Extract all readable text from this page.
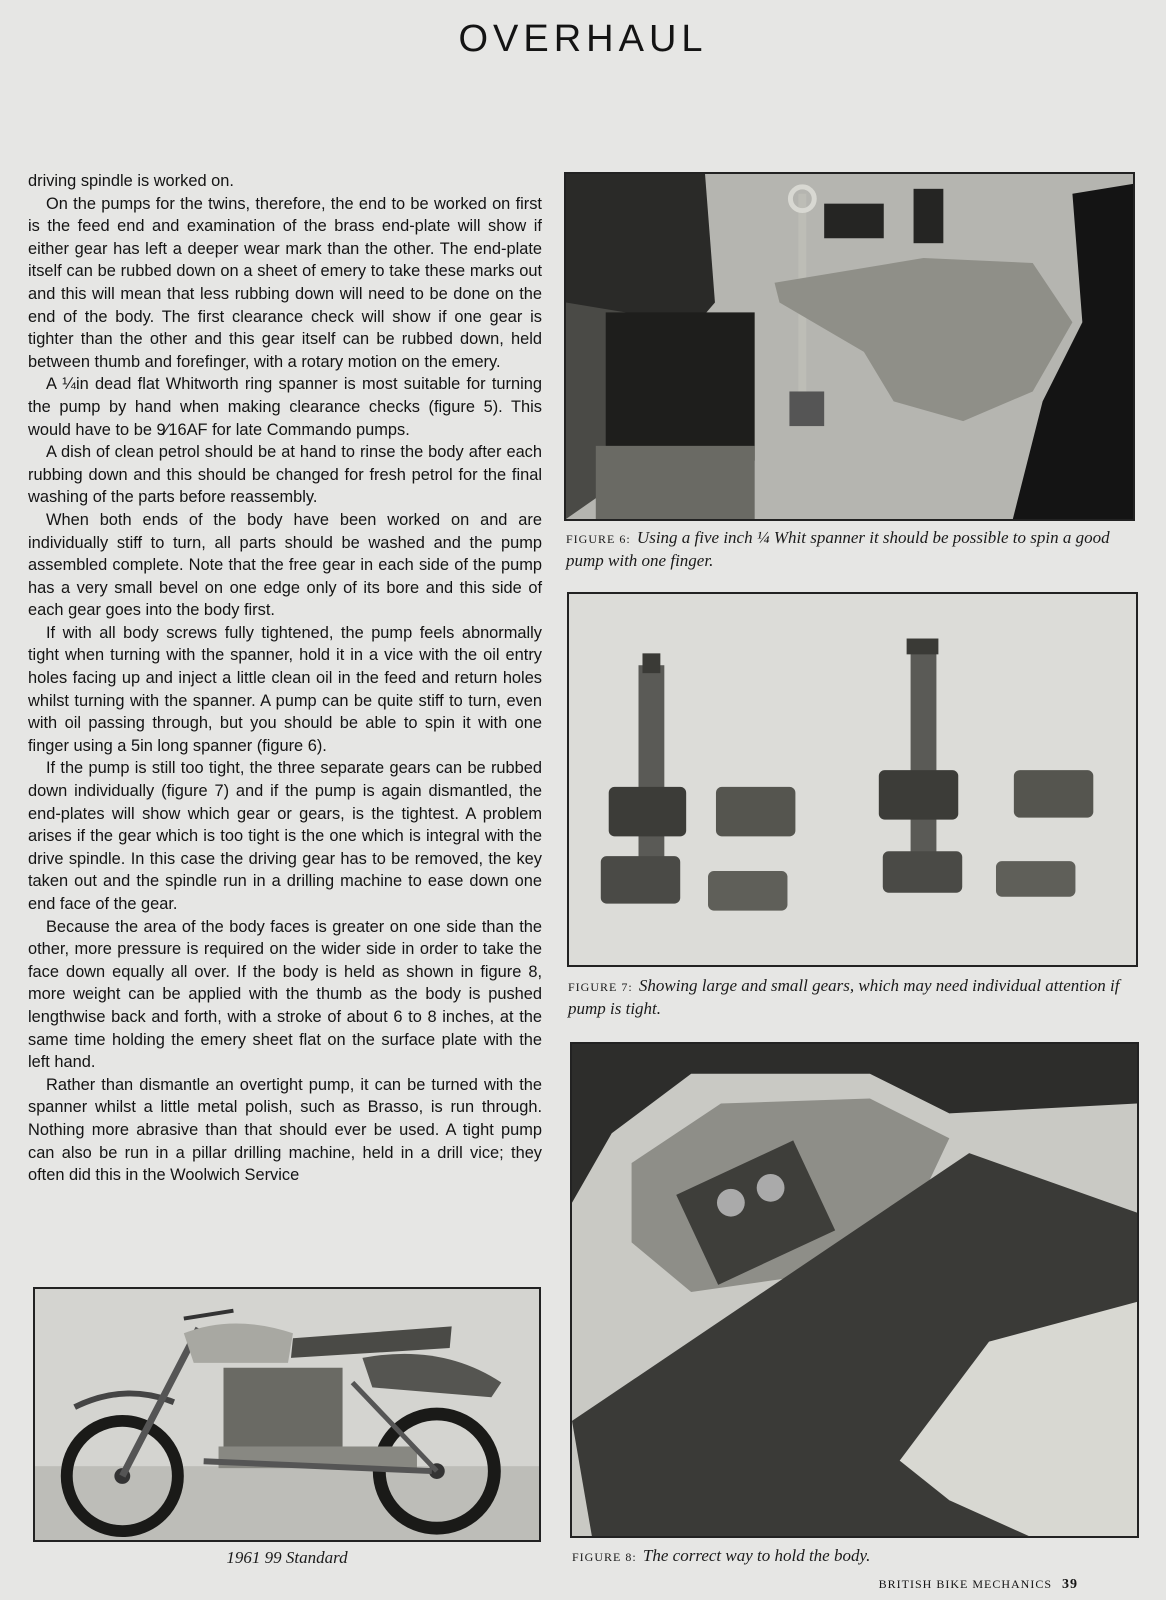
OVERHAUL

driving spindle is worked on.

On the pumps for the twins, therefore, the end to be worked on first is the feed end and examination of the brass end-plate will show if either gear has left a deeper wear mark than the other. The end-plate itself can be rubbed down on a sheet of emery to take these marks out and this will mean that less rubbing down will need to be done on the end of the body. The first clearance check will show if one gear is tighter than the other and this gear itself can be rubbed down, held between thumb and forefinger, with a rotary motion on the emery.

A ¼in dead flat Whitworth ring spanner is most suitable for turning the pump by hand when making clearance checks (figure 5). This would have to be 9⁄16AF for late Commando pumps.

A dish of clean petrol should be at hand to rinse the body after each rubbing down and this should be changed for fresh petrol for the final washing of the parts before reassembly.

When both ends of the body have been worked on and are individually stiff to turn, all parts should be washed and the pump assembled complete. Note that the free gear in each side of the pump has a very small bevel on one edge only of its bore and this side of each gear goes into the body first.

If with all body screws fully tightened, the pump feels abnormally tight when turning with the spanner, hold it in a vice with the oil entry holes facing up and inject a little clean oil in the feed and return holes whilst turning with the spanner. A pump can be quite stiff to turn, even with oil passing through, but you should be able to spin it with one finger using a 5in long spanner (figure 6).

If the pump is still too tight, the three separate gears can be rubbed down individually (figure 7) and if the pump is again dismantled, the end-plates will show which gear or gears, is the tightest. A problem arises if the gear which is too tight is the one which is integral with the drive spindle. In this case the driving gear has to be removed, the key taken out and the spindle run in a drilling machine to ease down one end face of the gear.

Because the area of the body faces is greater on one side than the other, more pressure is required on the wider side in order to take the face down equally all over. If the body is held as shown in figure 8, more weight can be applied with the thumb as the body is pushed lengthwise back and forth, with a stroke of about 6 to 8 inches, at the same time holding the emery sheet flat on the surface plate with the left hand.

Rather than dismantle an overtight pump, it can be turned with the spanner whilst a little metal polish, such as Brasso, is run through. Nothing more abrasive than that should ever be used. A tight pump can also be run in a pillar drilling machine, held in a drill vice; they often did this in the Woolwich Service

FIGURE 6: Using a five inch ¼ Whit spanner it should be possible to spin a good pump with one finger.
FIGURE 7: Showing large and small gears, which may need individual attention if pump is tight.
FIGURE 8: The correct way to hold the body.
1961 99 Standard
BRITISH BIKE MECHANICS 39
